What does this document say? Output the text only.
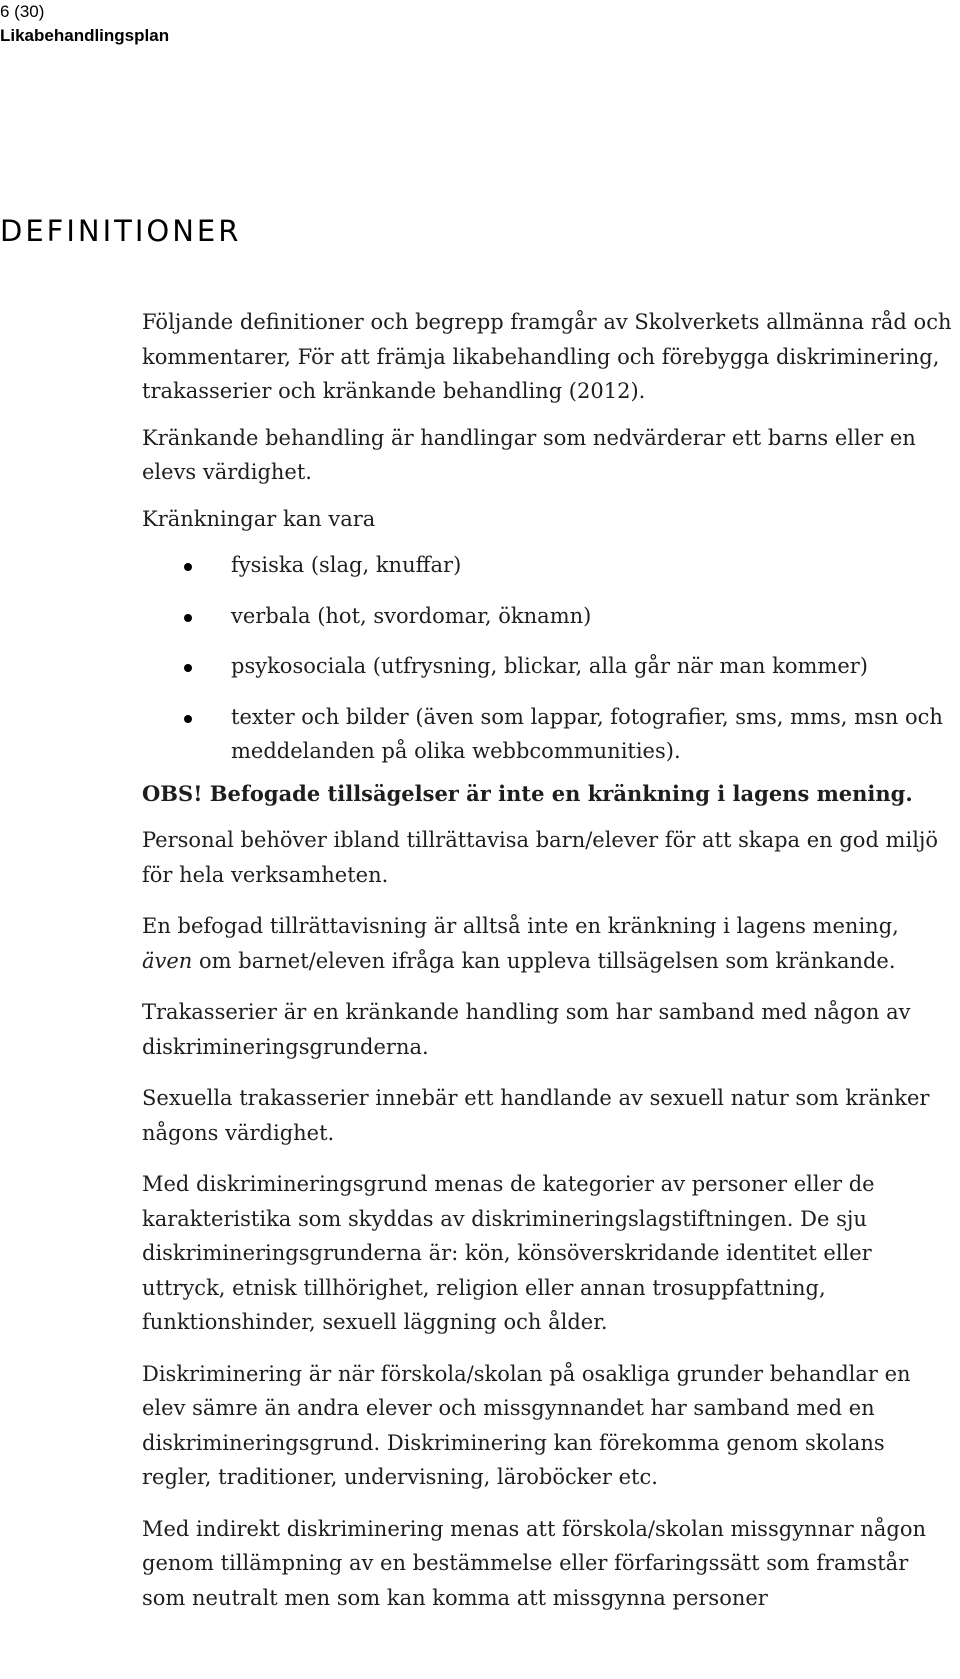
6 (30)
Likabehandlingsplan
DEFINITIONER

Följande definitioner och begrepp framgår av Skolverkets allmänna råd och kommentarer, För att främja likabehandling och förebygga diskriminering, trakasserier och kränkande behandling (2012).

Kränkande behandling är handlingar som nedvärderar ett barns eller en elevs värdighet.

Kränkningar kan vara

fysiska (slag, knuffar)
verbala (hot, svordomar, öknamn)
psykosociala (utfrysning, blickar, alla går när man kommer)
texter och bilder (även som lappar, fotografier, sms, mms, msn och meddelanden på olika webbcommunities).

OBS! Befogade tillsägelser är inte en kränkning i lagens mening.

Personal behöver ibland tillrättavisa barn/elever för att skapa en god miljö för hela verksamheten.

En befogad tillrättavisning är alltså inte en kränkning i lagens mening, även om barnet/eleven ifråga kan uppleva tillsägelsen som kränkande.

Trakasserier är en kränkande handling som har samband med någon av diskrimineringsgrunderna.

Sexuella trakasserier innebär ett handlande av sexuell natur som kränker någons värdighet.

Med diskrimineringsgrund menas de kategorier av personer eller de karakteristika som skyddas av diskrimineringslagstiftningen. De sju diskrimineringsgrunderna är: kön, könsöverskridande identitet eller uttryck, etnisk tillhörighet, religion eller annan trosuppfattning, funktionshinder, sexuell läggning och ålder.

Diskriminering är när förskola/skolan på osakliga grunder behandlar en elev sämre än andra elever och missgynnandet har samband med en diskrimineringsgrund. Diskriminering kan förekomma genom skolans regler, traditioner, undervisning, läroböcker etc.

Med indirekt diskriminering menas att förskola/skolan missgynnar någon genom tillämpning av en bestämmelse eller förfaringssätt som framstår som neutralt men som kan komma att missgynna personer
